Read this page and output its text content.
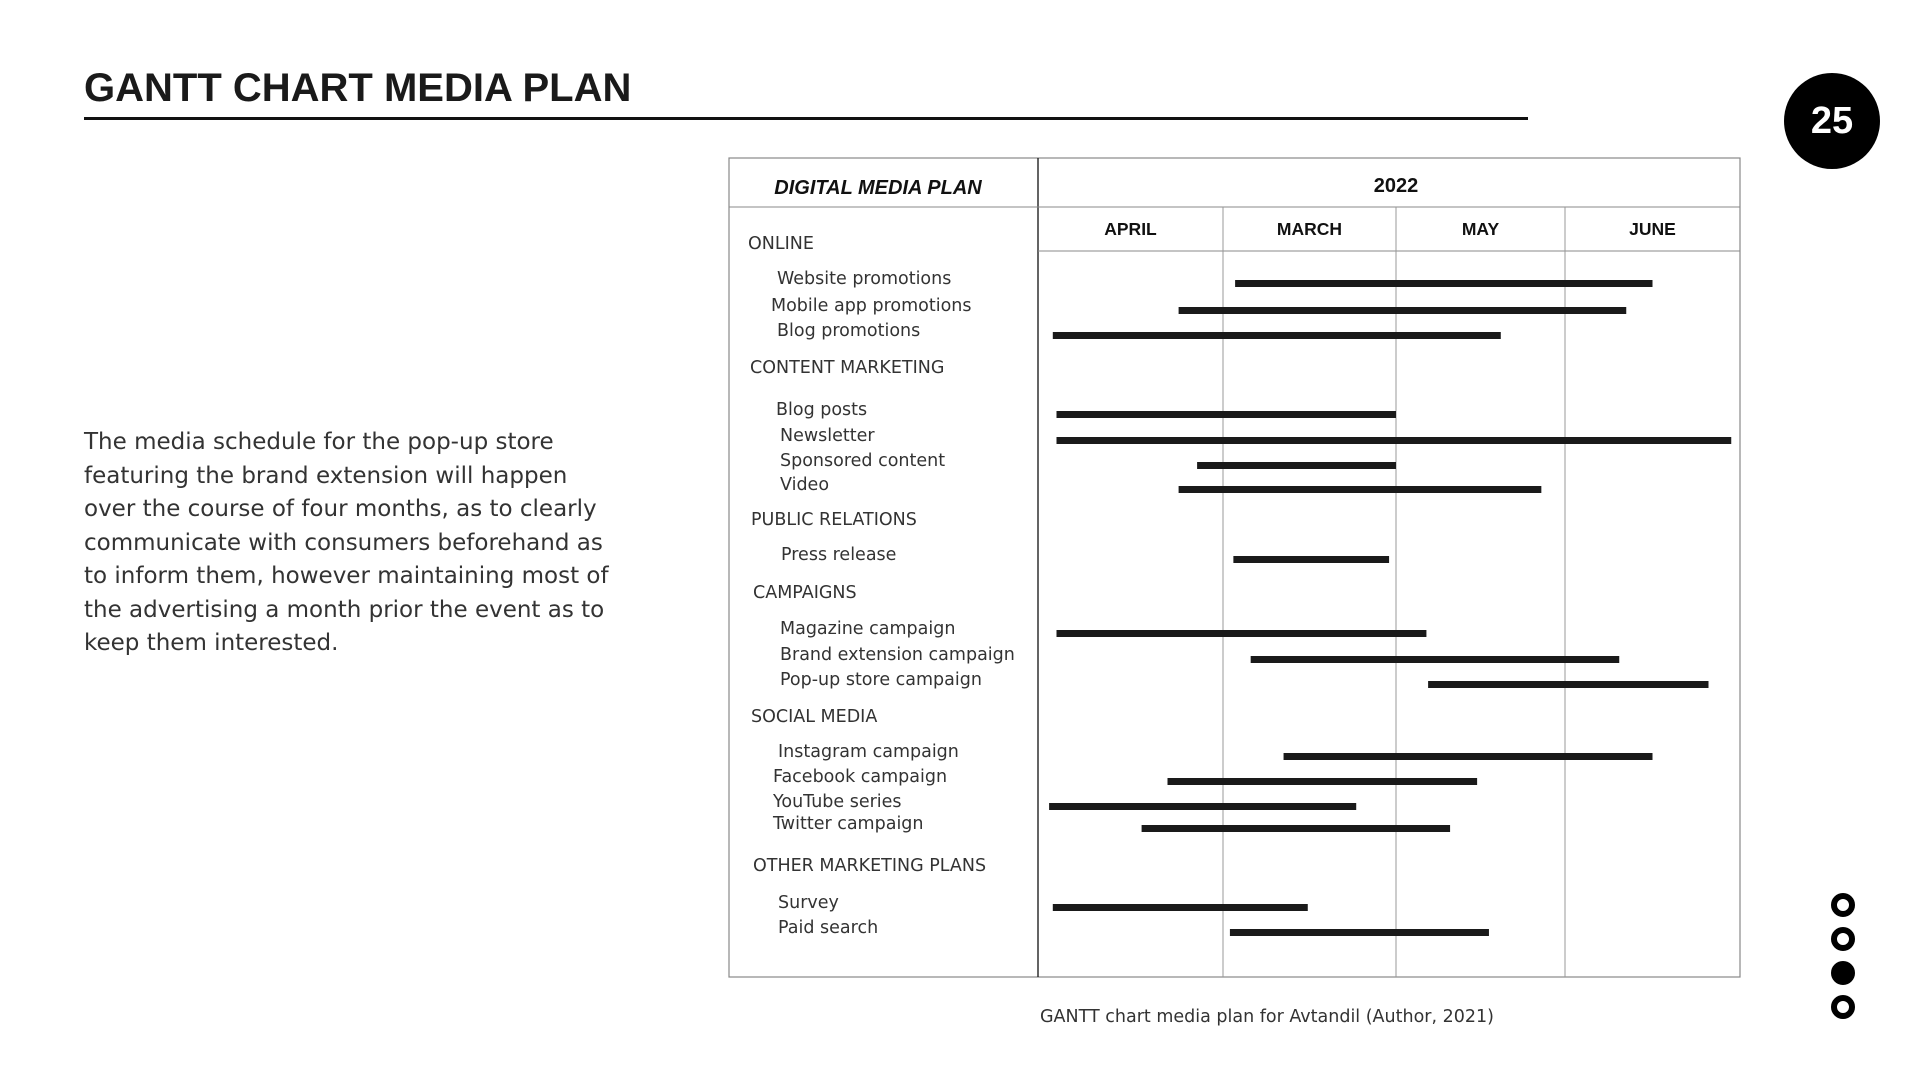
GANTT CHART MEDIA PLAN
25

The media schedule for the pop-up store featuring the brand extension will happen over the course of four months, as to clearly communicate with consumers beforehand as to inform them, however maintaining most of the advertising a month prior the event as to keep them interested.

DIGITAL MEDIA PLAN	2022
APRIL	MARCH	MAY	JUNE
ONLINE
Website promotions
Mobile app promotions
Blog promotions
CONTENT MARKETING
Blog posts
Newsletter
Sponsored content
Video
PUBLIC RELATIONS
Press release
CAMPAIGNS
Magazine campaign
Brand extension campaign
Pop-up store campaign
SOCIAL MEDIA
Instagram campaign
Facebook campaign
YouTube series
Twitter campaign
OTHER MARKETING PLANS
Survey
Paid search
GANTT chart media plan for Avtandil (Author, 2021)
